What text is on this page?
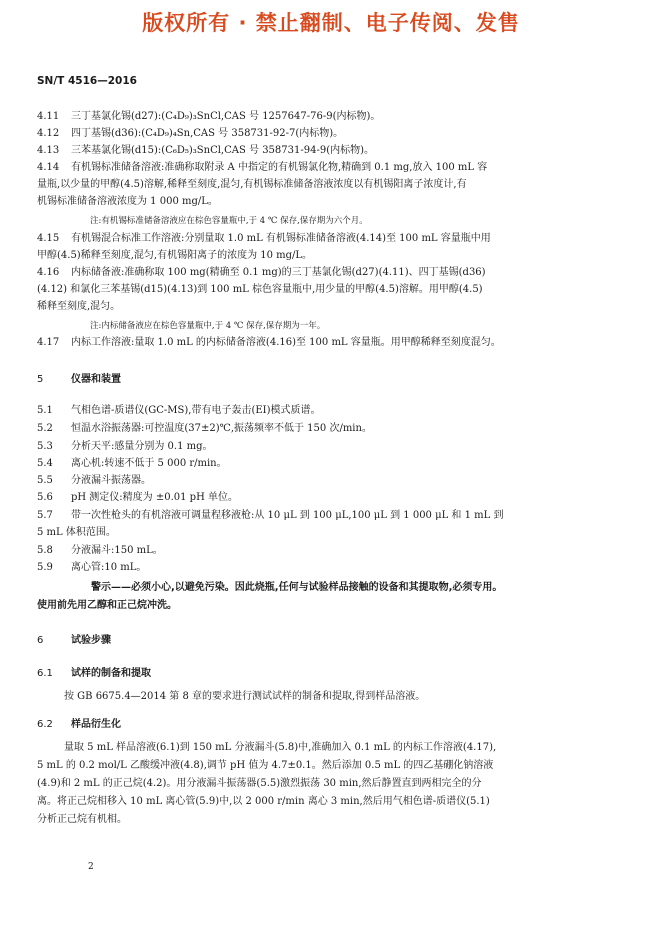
版权所有 · 禁止翻制、电子传阅、发售
SN/T 4516—2016
4.11 三丁基氯化锡(d27):(C₄D₉)₃SnCl,CAS 号 1257647-76-9(内标物)。
4.12 四丁基锡(d36):(C₄D₉)₄Sn,CAS 号 358731-92-7(内标物)。
4.13 三苯基氯化锡(d15):(C₆D₅)₃SnCl,CAS 号 358731-94-9(内标物)。
4.14 有机锡标准储备溶液:准确称取附录 A 中指定的有机锡氯化物,精确到 0.1 mg,放入 100 mL 容
量瓶,以少量的甲醇(4.5)溶解,稀释至刻度,混匀,有机锡标准储备溶液浓度以有机锡阳离子浓度计,有
机锡标准储备溶液浓度为 1 000 mg/L。
注:有机锡标准储备溶液应在棕色容量瓶中,于 4 ℃ 保存,保存期为六个月。
4.15 有机锡混合标准工作溶液:分别量取 1.0 mL 有机锡标准储备溶液(4.14)至 100 mL 容量瓶中用
甲醇(4.5)稀释至刻度,混匀,有机锡阳离子的浓度为 10 mg/L。
4.16 内标储备液:准确称取 100 mg(精确至 0.1 mg)的三丁基氯化锡(d27)(4.11)、四丁基锡(d36)
(4.12) 和氯化三苯基锡(d15)(4.13)到 100 mL 棕色容量瓶中,用少量的甲醇(4.5)溶解。用甲醇(4.5)
稀释至刻度,混匀。
注:内标储备液应在棕色容量瓶中,于 4 ℃ 保存,保存期为一年。
4.17 内标工作溶液:量取 1.0 mL 的内标储备溶液(4.16)至 100 mL 容量瓶。用甲醇稀释至刻度混匀。
5	仪器和装置
5.1 气相色谱-质谱仪(GC-MS),带有电子轰击(EI)模式质谱。
5.2 恒温水浴振荡器:可控温度(37±2)℃,振荡频率不低于 150 次/min。
5.3 分析天平:感量分别为 0.1 mg。
5.4 离心机:转速不低于 5 000 r/min。
5.5 分液漏斗振荡器。
5.6 pH 测定仪:精度为 ±0.01 pH 单位。
5.7 带一次性枪头的有机溶液可调量程移液枪:从 10 μL 到 100 μL,100 μL 到 1 000 μL 和 1 mL 到
5 mL 体积范围。
5.8 分液漏斗:150 mL。
5.9 离心管:10 mL。
警示——必须小心,以避免污染。因此烧瓶,任何与试验样品接触的设备和其提取物,必须专用。
使用前先用乙醇和正己烷冲洗。
6	试验步骤
6.1 试样的制备和提取
按 GB 6675.4—2014 第 8 章的要求进行测试试样的制备和提取,得到样品溶液。
6.2 样品衍生化
量取 5 mL 样品溶液(6.1)到 150 mL 分液漏斗(5.8)中,准确加入 0.1 mL 的内标工作溶液(4.17),
5 mL 的 0.2 mol/L 乙酸缓冲液(4.8),调节 pH 值为 4.7±0.1。然后添加 0.5 mL 的四乙基硼化钠溶液
(4.9)和 2 mL 的正己烷(4.2)。用分液漏斗振荡器(5.5)激烈振荡 30 min,然后静置直到两相完全的分
离。将正己烷相移入 10 mL 离心管(5.9)中,以 2 000 r/min 离心 3 min,然后用气相色谱-质谱仪(5.1)
分析正己烷有机相。
2
